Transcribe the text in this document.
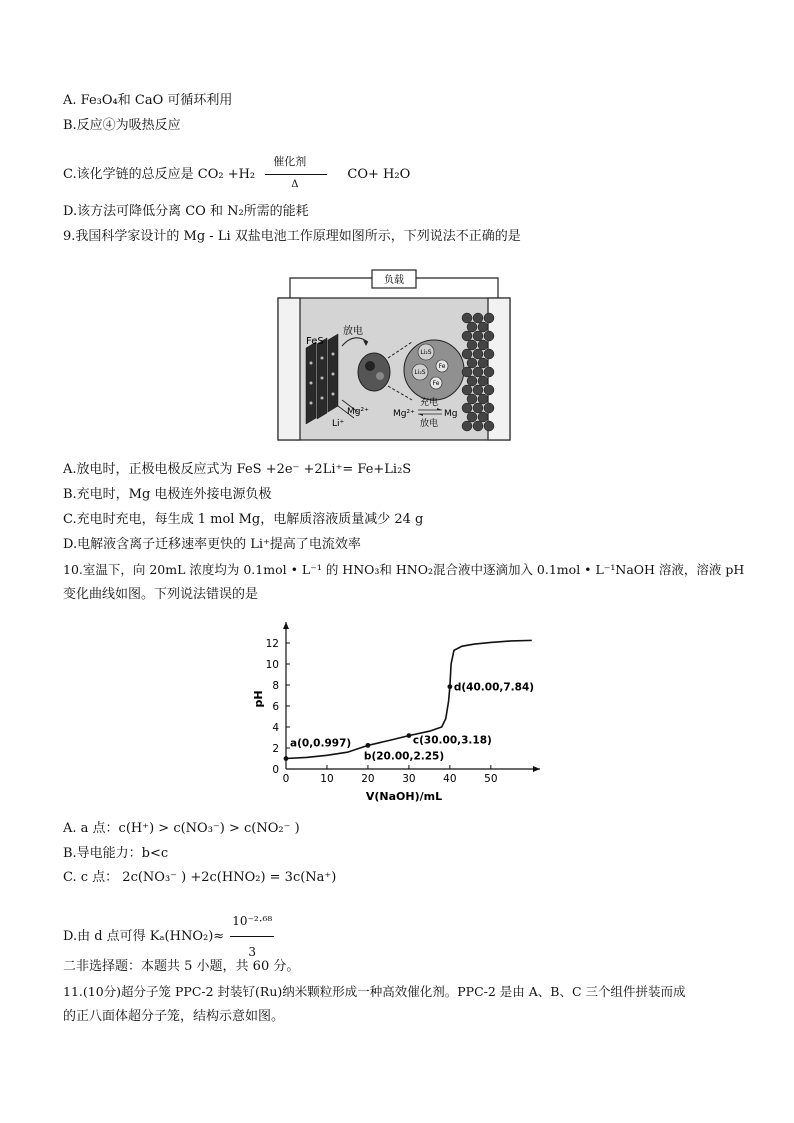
A. Fe₃O₄和 CaO 可循环利用
B.反应④为吸热反应
C.该化学链的总反应是 CO₂ +H₂
催化剂
Δ
CO+ H₂O
D.该方法可降低分离 CO 和 N₂所需的能耗
9.我国科学家设计的 Mg - Li 双盐电池工作原理如图所示，下列说法不正确的是
负载
FeS
放电
Li₂S
Li₂S
Fe
Fe
Mg²⁺
Li⁺
Mg²⁺
充电
Mg
放电
A.放电时，正极电极反应式为 FeS +2e⁻ +2Li⁺= Fe+Li₂S
B.充电时，Mg 电极连外接电源负极
C.充电时充电，每生成 1 mol Mg，电解质溶液质量减少 24 g
D.电解液含离子迁移速率更快的 Li⁺提高了电流效率
10.室温下，向 20mL 浓度均为 0.1mol • L⁻¹ 的 HNO₃和 HNO₂混合液中逐滴加入 0.1mol • L⁻¹NaOH 溶液，溶液 pH
变化曲线如图。下列说法错误的是
0	10	20	30	40	50
0
2
4
6
8
10
12
a(0,0.997)
b(20.00,2.25)
c(30.00,3.18)
d(40.00,7.84)
V(NaOH)/mL
pH
A. a 点：c(H⁺) > c(NO₃⁻) > c(NO₂⁻ )
B.导电能力：b<c
C. c 点： 2c(NO₃⁻ ) +2c(HNO₂) = 3c(Na⁺)
D.由 d 点可得 $K_a(HNO_2)\approx \frac{\text{10⁻²·⁶⁸}}{3}$
二非选择题：本题共 5 小题，共 60 分。
11.(10分)超分子笼 PPC-2 封装钌(Ru)纳米颗粒形成一种高效催化剂。PPC-2 是由 A、B、C 三个组件拼装而成
的正八面体超分子笼，结构示意如图。
